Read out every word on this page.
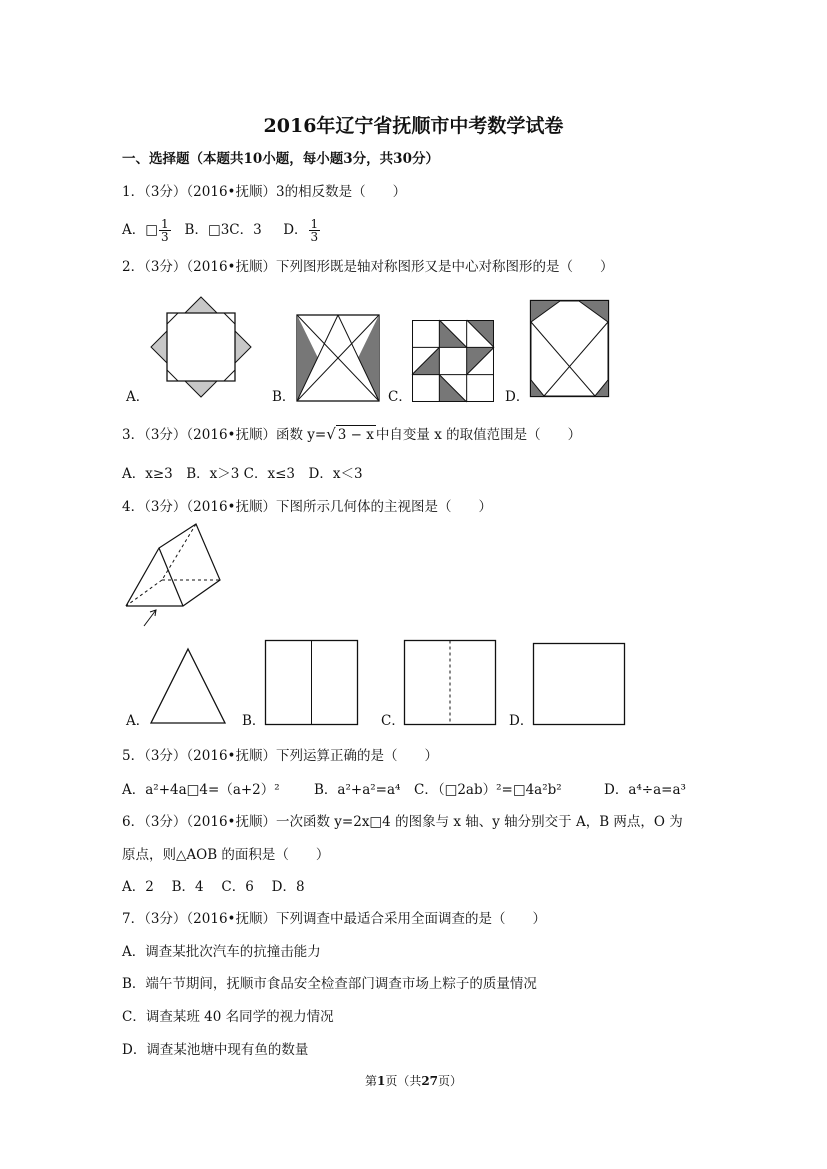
2016年辽宁省抚顺市中考数学试卷
一、选择题（本题共10小题，每小题3分，共30分）
1．（3分）（2016•抚顺）3的相反数是（　　）
A．□ $\frac{1}{3}$ B．□3C．3 D． $\frac{1}{3}$
2．（3分）（2016•抚顺）下列图形既是轴对称图形又是中心对称图形的是（　　）
A．	B．	C．	D．
3．（3分）（2016•抚顺）函数 y=√ 3 − x 中自变量 x 的取值范围是（　　）
A．x≥3　B．x＞3 C．x≤3　D．x＜3
4．（3分）（2016•抚顺）下图所示几何体的主视图是（　　）
A．	B．	C．	D．
5．（3分）（2016•抚顺）下列运算正确的是（　　）
A．a²+4a□4=（a+2）²	B．a²+a²=a⁴ C．（□2ab）²=□4a²b²	D．a⁴÷a=a³
6．（3分）（2016•抚顺）一次函数 y=2x□4 的图象与 x 轴、y 轴分别交于 A，B 两点，O 为
原点，则△AOB 的面积是（　　）
A．2　 B．4　 C．6　 D．8
7．（3分）（2016•抚顺）下列调查中最适合采用全面调查的是（　　）
A．调查某批次汽车的抗撞击能力
B．端午节期间，抚顺市食品安全检查部门调查市场上粽子的质量情况
C．调查某班 40 名同学的视力情况
D．调查某池塘中现有鱼的数量
第1页（共27页）
